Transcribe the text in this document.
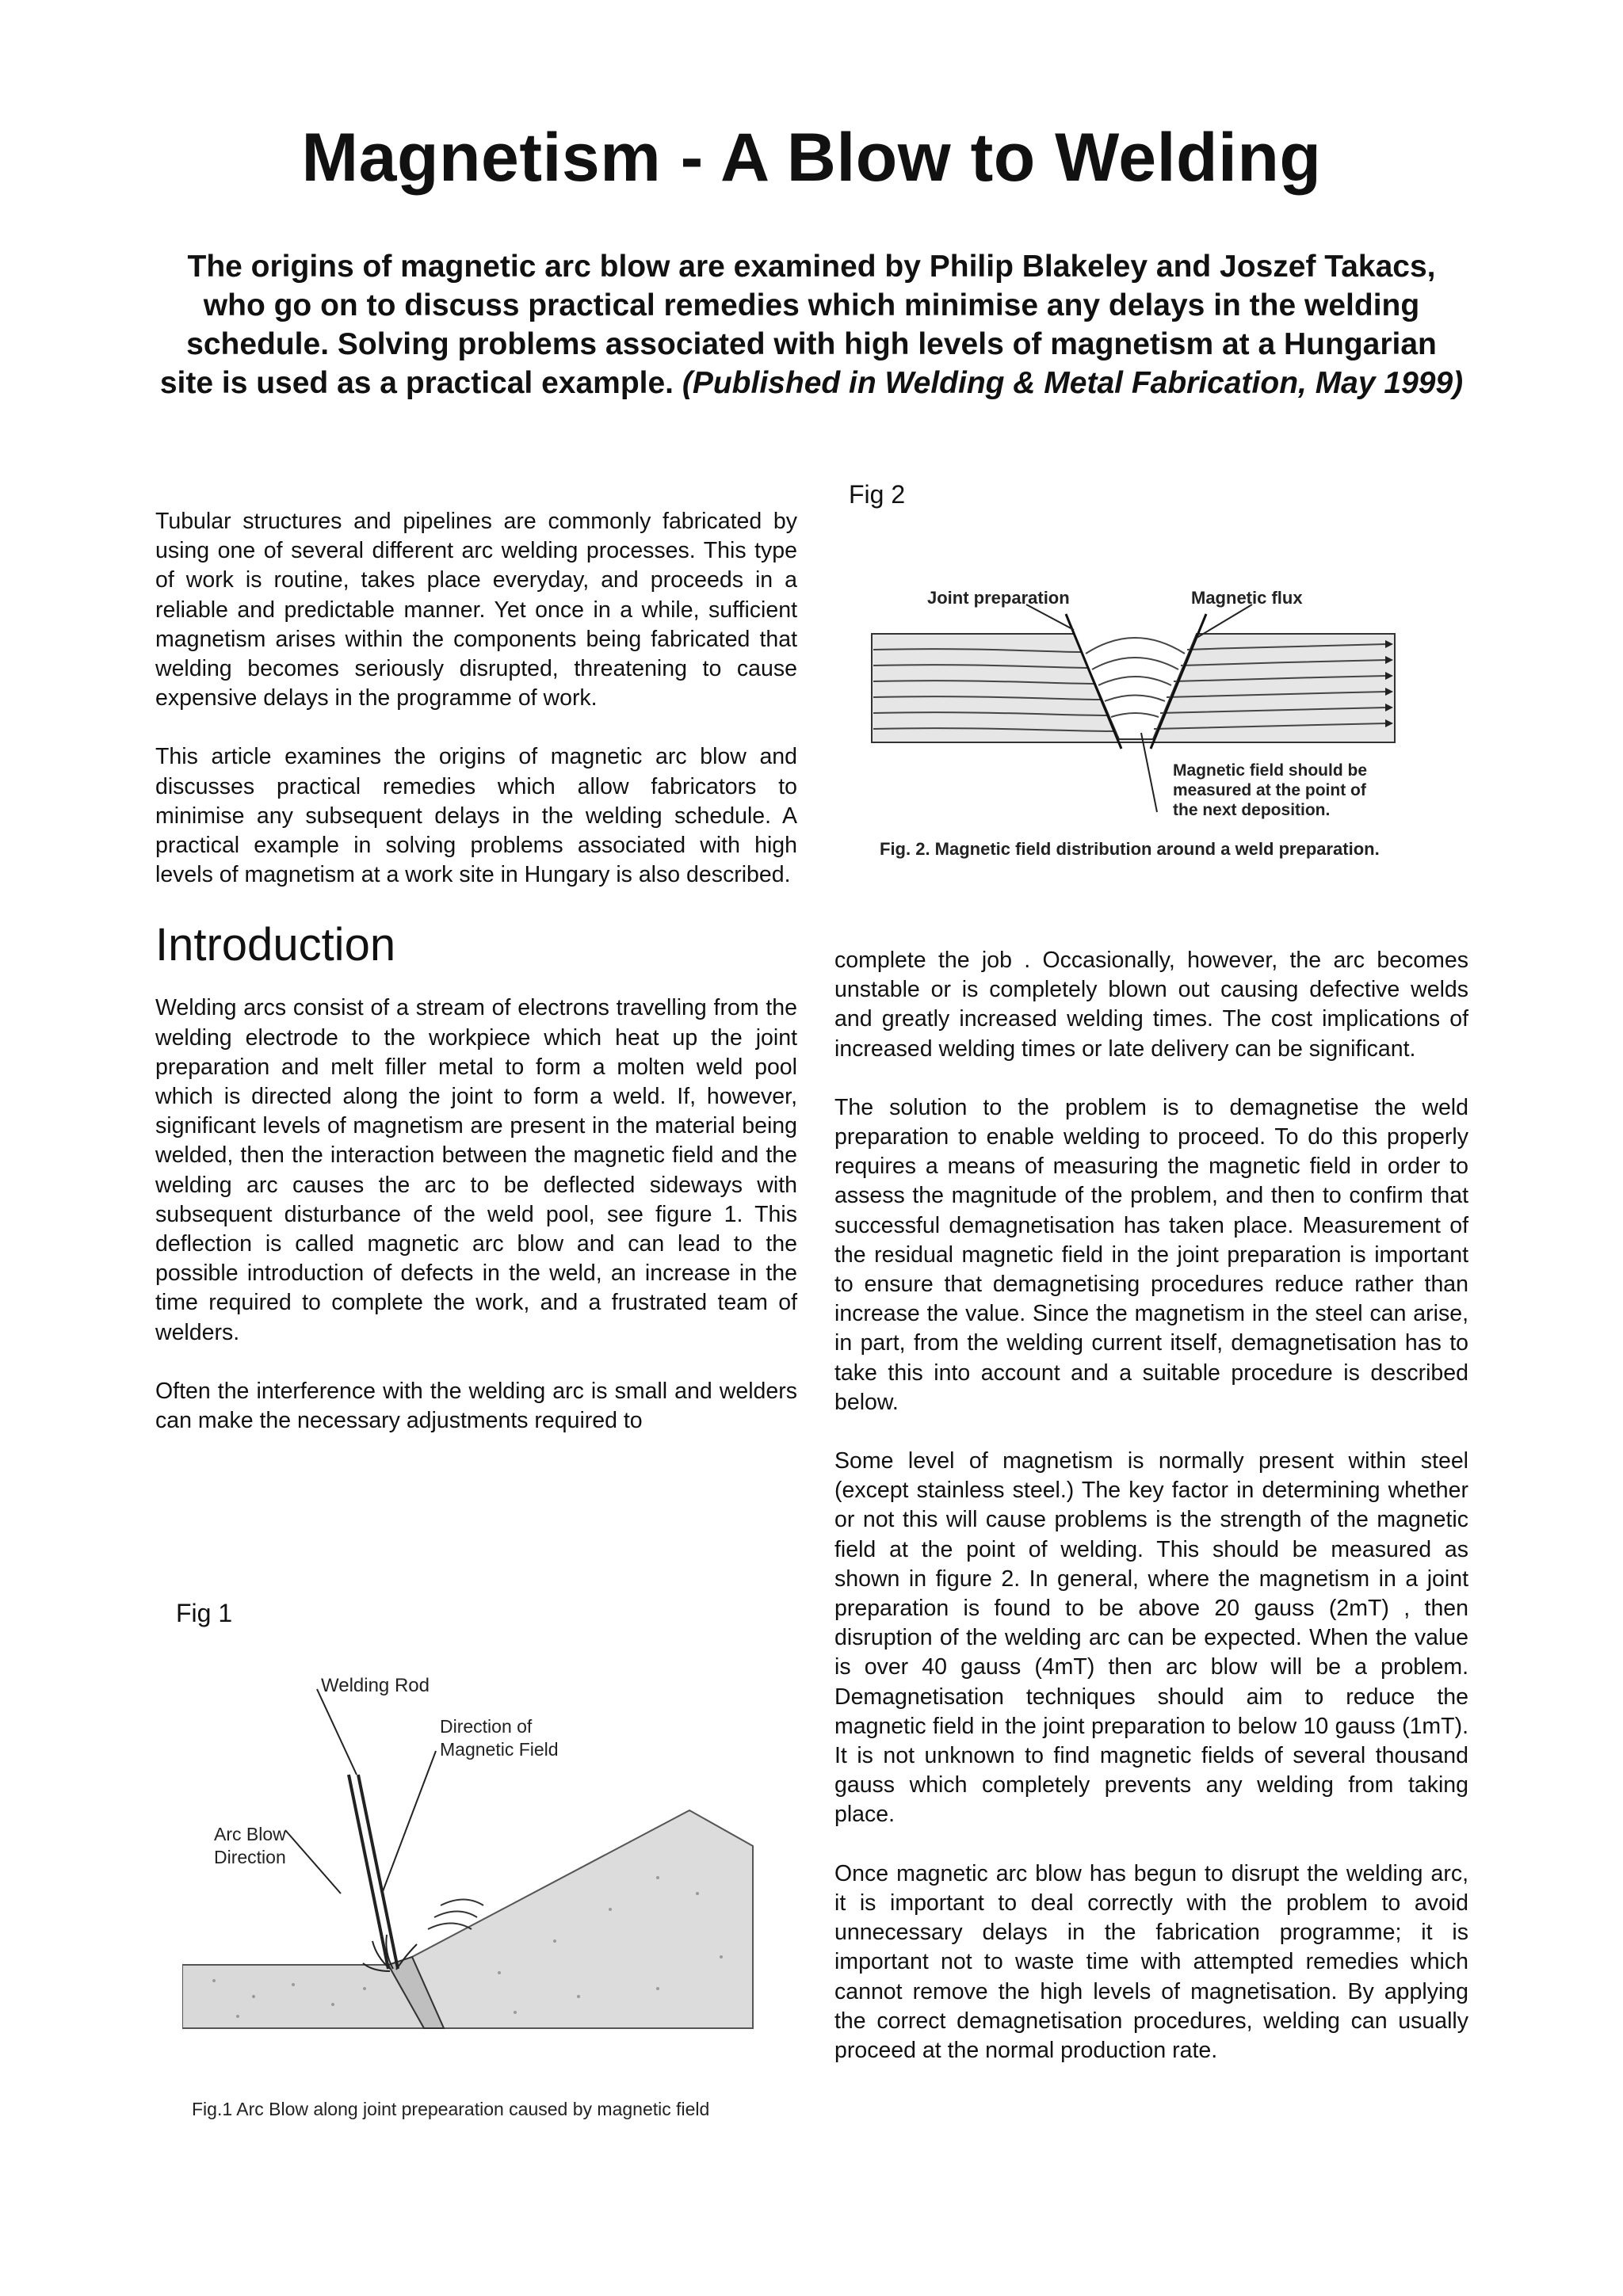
Magnetism - A Blow to Welding
The origins of magnetic arc blow are examined by Philip Blakeley and Joszef Takacs, who go on to discuss practical remedies which minimise any delays in the welding schedule. Solving problems associated with high levels of magnetism at a Hungarian site is used as a practical example. (Published in Welding & Metal Fabrication, May 1999)

Tubular structures and pipelines are commonly fabricated by using one of several different arc welding processes. This type of work is routine, takes place everyday, and proceeds in a reliable and predictable manner. Yet once in a while, sufficient magnetism arises within the components being fabricated that welding becomes seriously disrupted, threatening to cause expensive delays in the programme of work.

This article examines the origins of magnetic arc blow and discusses practical remedies which allow fabricators to minimise any subsequent delays in the welding schedule. A practical example in solving problems associated with high levels of magnetism at a work site in Hungary is also described.

Introduction

Welding arcs consist of a stream of electrons travelling from the welding electrode to the workpiece which heat up the joint preparation and melt filler metal to form a molten weld pool which is directed along the joint to form a weld. If, however, significant levels of magnetism are present in the material being welded, then the interaction between the magnetic field and the welding arc causes the arc to be deflected sideways with subsequent disturbance of the weld pool, see figure 1. This deflection is called magnetic arc blow and can lead to the possible introduction of defects in the weld, an increase in the time required to complete the work, and a frustrated team of welders.

Often the interference with the welding arc is small and welders can make the necessary adjustments required to

Fig 2
Joint preparation	Magnetic flux
Magnetic field should be
measured at the point of
the next deposition.
Fig. 2. Magnetic field distribution around a weld preparation.

complete the job . Occasionally, however, the arc becomes unstable or is completely blown out causing defective welds and greatly increased welding times. The cost implications of increased welding times or late delivery can be significant.

The solution to the problem is to demagnetise the weld preparation to enable welding to proceed. To do this properly requires a means of measuring the magnetic field in order to assess the magnitude of the problem, and then to confirm that successful demagnetisation has taken place. Measurement of the residual magnetic field in the joint preparation is important to ensure that demagnetising procedures reduce rather than increase the value. Since the magnetism in the steel can arise, in part, from the welding current itself, demagnetisation has to take this into account and a suitable procedure is described below.

Some level of magnetism is normally present within steel (except stainless steel.) The key factor in determining whether or not this will cause problems is the strength of the magnetic field at the point of welding. This should be measured as shown in figure 2. In general, where the magnetism in a joint preparation is found to be above 20 gauss (2mT) , then disruption of the welding arc can be expected. When the value is over 40 gauss (4mT) then arc blow will be a problem. Demagnetisation techniques should aim to reduce the magnetic field in the joint preparation to below 10 gauss (1mT). It is not unknown to find magnetic fields of several thousand gauss which completely prevents any welding from taking place.

Once magnetic arc blow has begun to disrupt the welding arc, it is important to deal correctly with the problem to avoid unnecessary delays in the fabrication programme; it is important not to waste time with attempted remedies which cannot remove the high levels of magnetisation. By applying the correct demagnetisation procedures, welding can usually proceed at the normal production rate.

Fig 1
Welding Rod
Direction of
Magnetic Field
Arc Blow
Direction
Fig.1 Arc Blow along joint prepearation caused by magnetic field
